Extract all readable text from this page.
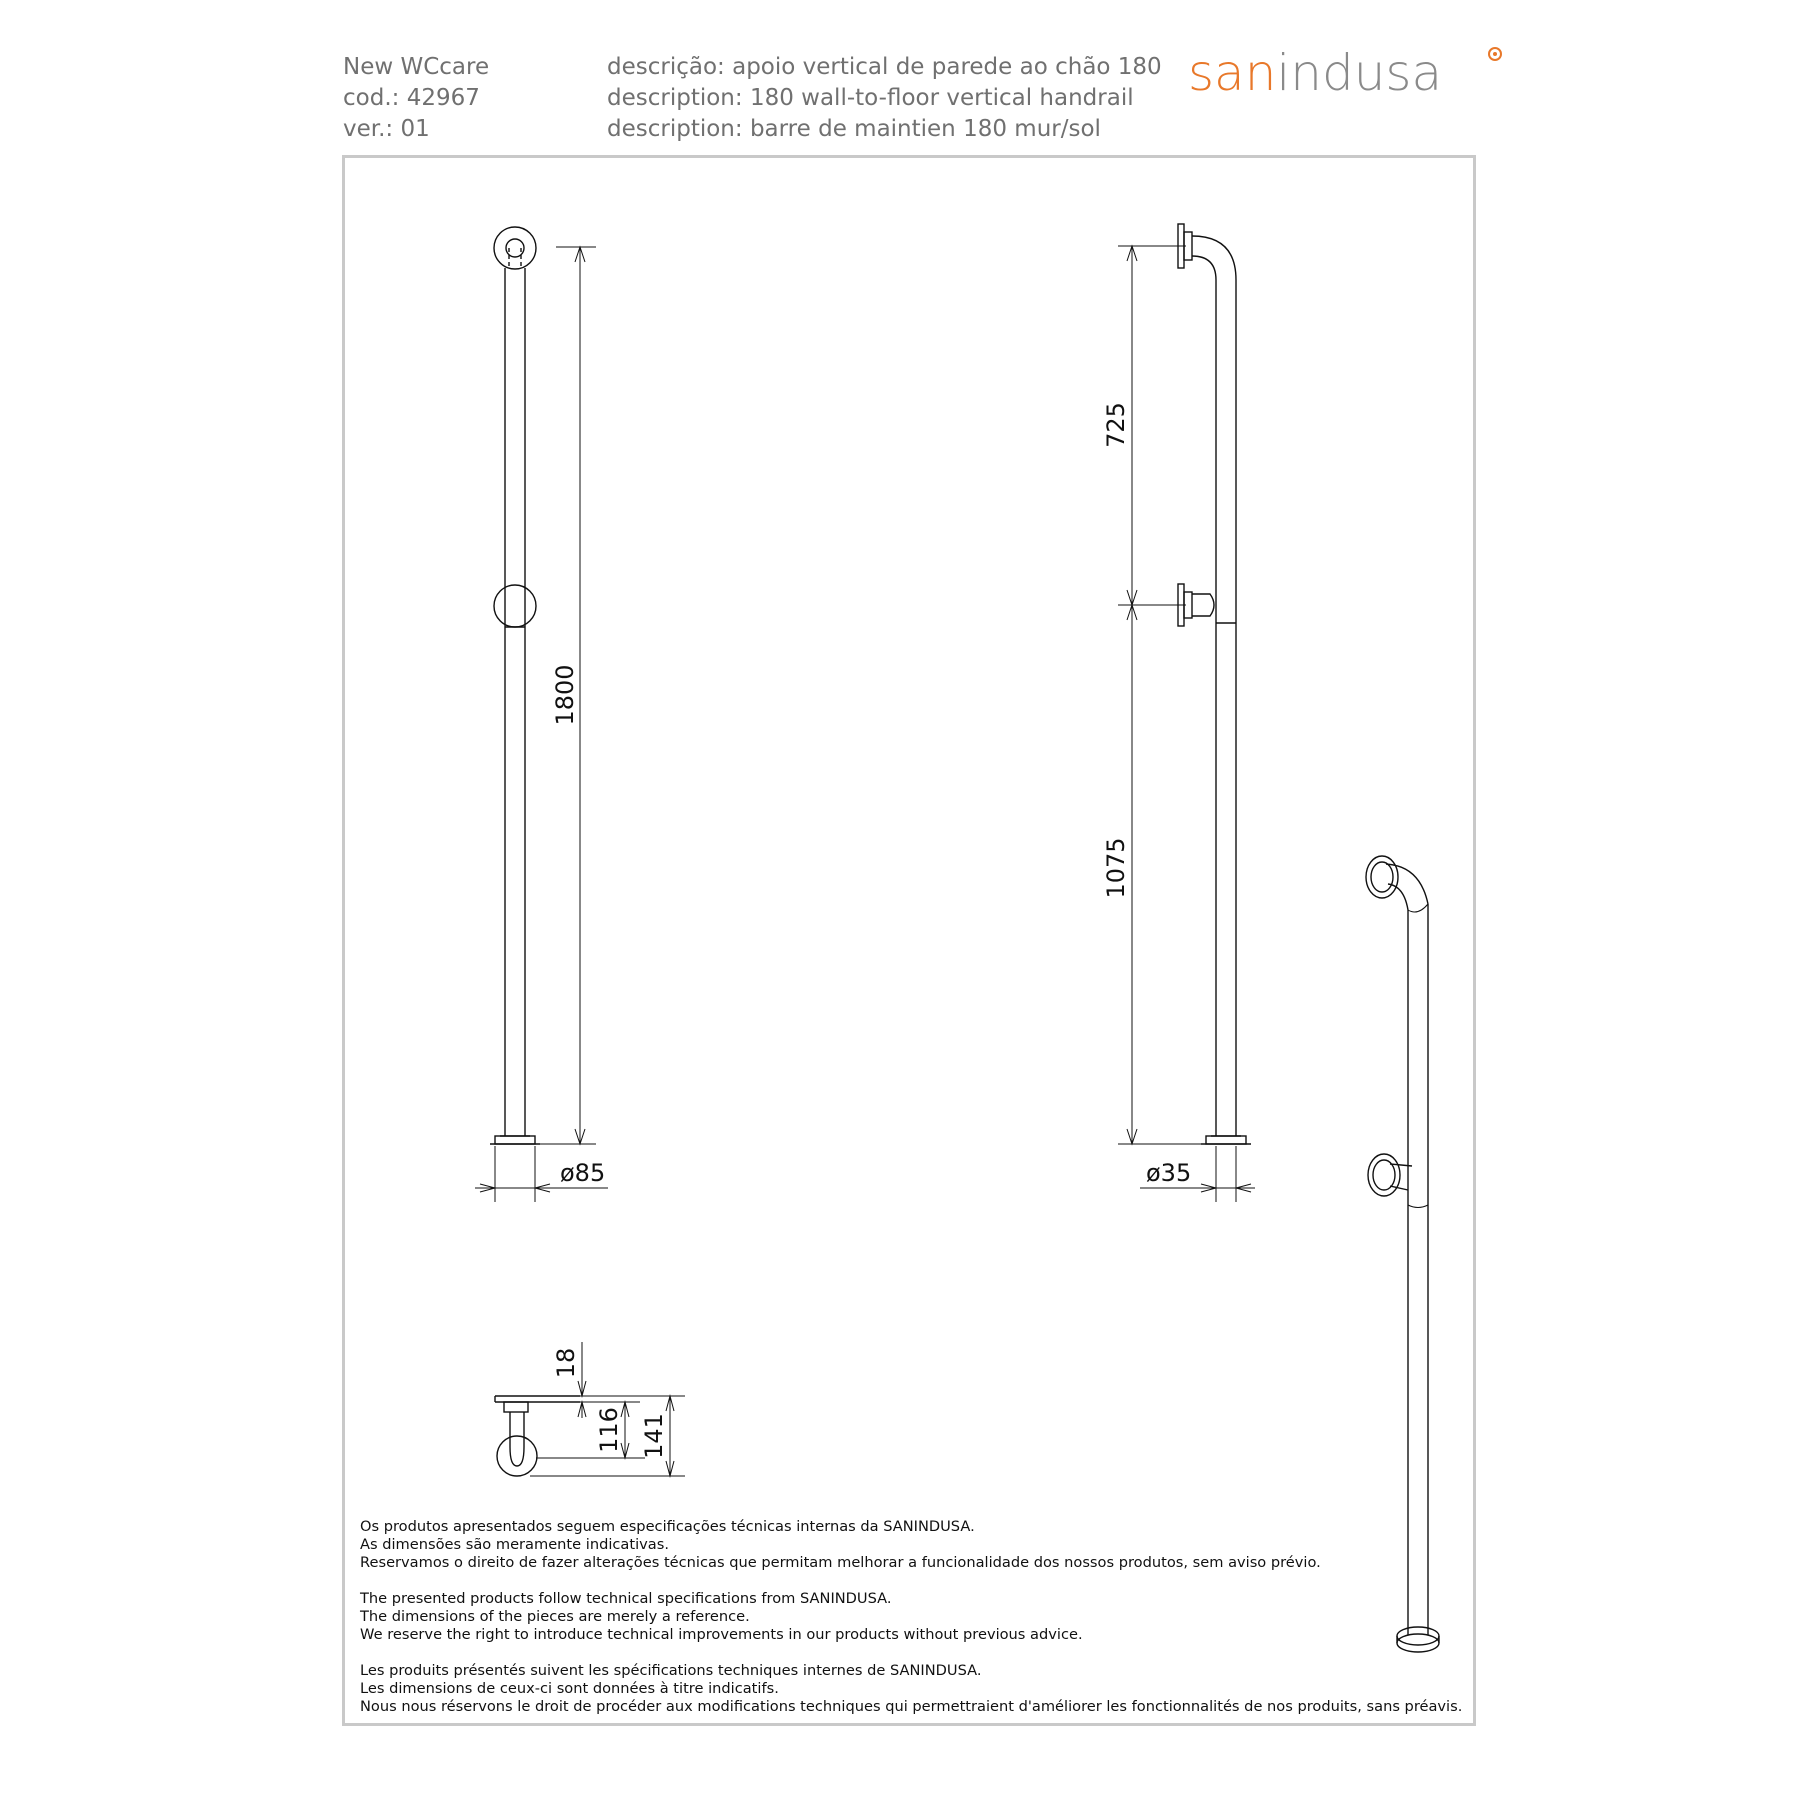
New WCcare
cod.: 42967
ver.: 01
descrição: apoio vertical de parede ao chão 180
description: 180 wall-to-floor vertical handrail
description: barre de maintien 180 mur/sol
sanindusa
1800
ø85
725
1075
ø35
18
116 141

Os produtos apresentados seguem especificações técnicas internas da SANINDUSA.
As dimensões são meramente indicativas.
Reservamos o direito de fazer alterações técnicas que permitam melhorar a funcionalidade dos nossos produtos, sem aviso prévio.

The presented products follow technical specifications from SANINDUSA.
The dimensions of the pieces are merely a reference.
We reserve the right to introduce technical improvements in our products without previous advice.

Les produits présentés suivent les spécifications techniques internes de SANINDUSA.
Les dimensions de ceux-ci sont données à titre indicatifs.
Nous nous réservons le droit de procéder aux modifications techniques qui permettraient d'améliorer les fonctionnalités de nos produits, sans préavis.
